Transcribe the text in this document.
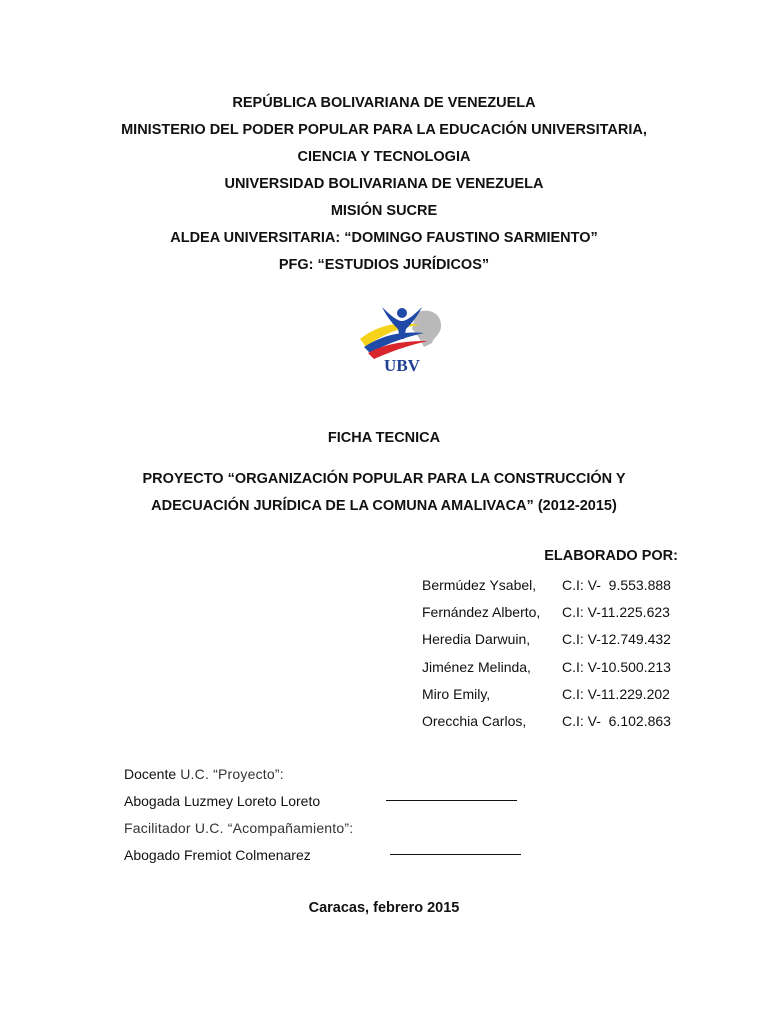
REPÚBLICA BOLIVARIANA DE VENEZUELA
MINISTERIO DEL PODER POPULAR PARA LA EDUCACIÓN UNIVERSITARIA,
CIENCIA Y TECNOLOGIA
UNIVERSIDAD BOLIVARIANA DE VENEZUELA
MISIÓN SUCRE
ALDEA UNIVERSITARIA: “DOMINGO FAUSTINO SARMIENTO”
PFG: “ESTUDIOS JURÍDICOS”
UBV
FICHA TECNICA
PROYECTO “ORGANIZACIÓN POPULAR PARA LA CONSTRUCCIÓN Y
ADECUACIÓN JURÍDICA DE LA COMUNA AMALIVACA” (2012-2015)
ELABORADO POR:
Bermúdez Ysabel, C.I: V-  9.553.888
Fernández Alberto, C.I: V-11.225.623
Heredia Darwuin, C.I: V-12.749.432
Jiménez Melinda, C.I: V-10.500.213
Miro Emily,	C.I: V-11.229.202
Orecchia Carlos,	C.I: V-  6.102.863
Docente U.C. “Proyecto”:
Abogada Luzmey Loreto Loreto
Facilitador U.C. “Acompañamiento”:
Abogado Fremiot Colmenarez
Caracas, febrero 2015
